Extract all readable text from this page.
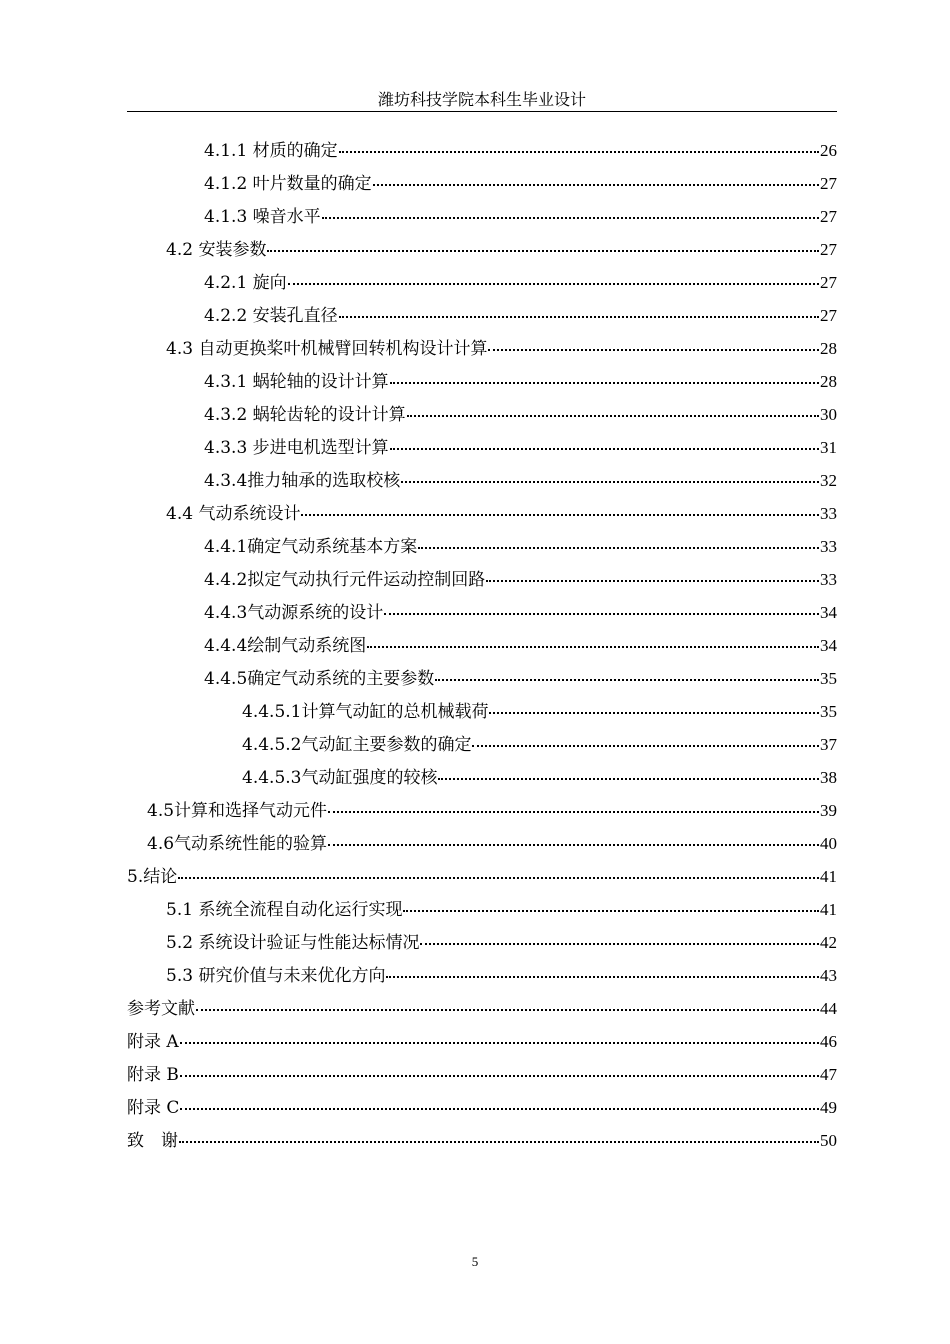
潍坊科技学院本科生毕业设计
4.1.1 材质的确定	26
4.1.2 叶片数量的确定	27
4.1.3 噪音水平	27
4.2 安装参数	27
4.2.1 旋向	27
4.2.2 安装孔直径	27
4.3 自动更换桨叶机械臂回转机构设计计算	28
4.3.1 蜗轮轴的设计计算	28
4.3.2 蜗轮齿轮的设计计算	30
4.3.3 步进电机选型计算	31
4.3.4推力轴承的选取校核	32
4.4 气动系统设计	33
4.4.1确定气动系统基本方案	33
4.4.2拟定气动执行元件运动控制回路	33
4.4.3气动源系统的设计	34
4.4.4绘制气动系统图	34
4.4.5确定气动系统的主要参数	35
4.4.5.1计算气动缸的总机械载荷	35
4.4.5.2气动缸主要参数的确定	37
4.4.5.3气动缸强度的较核	38
4.5计算和选择气动元件	39
4.6气动系统性能的验算	40
5.结论	41
5.1 系统全流程自动化运行实现	41
5.2 系统设计验证与性能达标情况	42
5.3 研究价值与未来优化方向	43
参考文献	44
附录 A	46
附录 B	47
附录 C	49
致　谢	50
5
